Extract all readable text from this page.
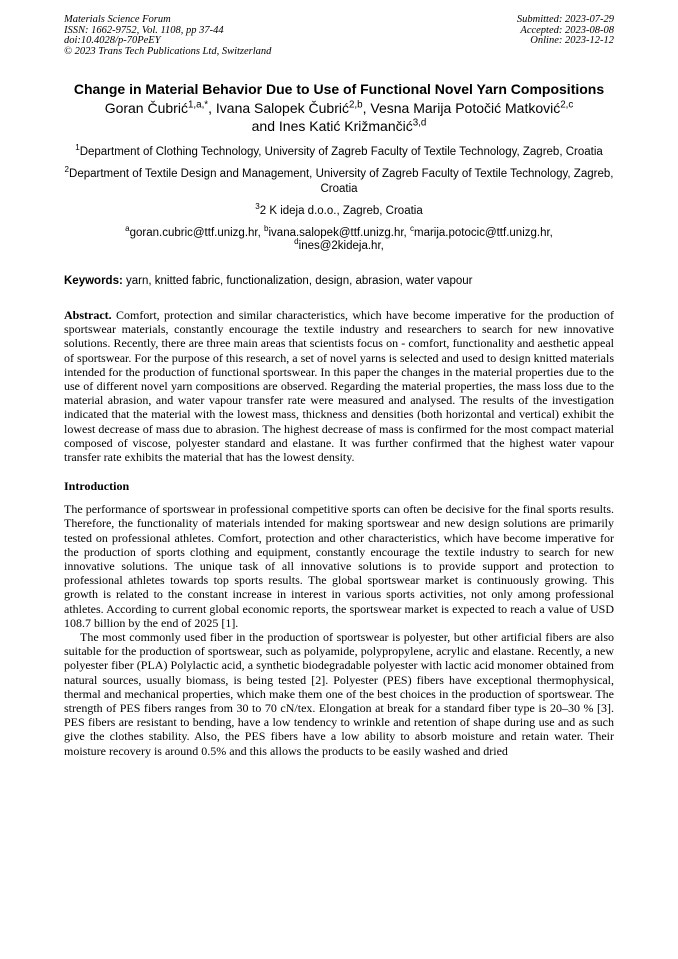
Materials Science Forum
ISSN: 1662-9752, Vol. 1108, pp 37-44
doi:10.4028/p-70PeEY
© 2023 Trans Tech Publications Ltd, Switzerland
Submitted: 2023-07-29
Accepted: 2023-08-08
Online: 2023-12-12
Change in Material Behavior Due to Use of Functional Novel Yarn Compositions
Goran Čubrić$^{1,a,*}$, Ivana Salopek Čubrić$^{2,b}$, Vesna Marija Potočić Matković$^{2,c}$
and Ines Katić Križmančić$^{3,d}$
$^1$Department of Clothing Technology, University of Zagreb Faculty of Textile Technology, Zagreb, Croatia
$^2$Department of Textile Design and Management, University of Zagreb Faculty of Textile Technology, Zagreb, Croatia
$^3$2 K ideja d.o.o., Zagreb, Croatia
$^a$goran.cubric@ttf.unizg.hr, $^b$ivana.salopek@ttf.unizg.hr, $^c$marija.potocic@ttf.unizg.hr,
$^d$ines@2kideja.hr,
Keywords: yarn, knitted fabric, functionalization, design, abrasion, water vapour
Abstract. Comfort, protection and similar characteristics, which have become imperative for the production of sportswear materials, constantly encourage the textile industry and researchers to search for new innovative solutions. Recently, there are three main areas that scientists focus on - comfort, functionality and aesthetic appeal of sportswear. For the purpose of this research, a set of novel yarns is selected and used to design knitted materials intended for the production of functional sportswear. In this paper the changes in the material properties due to the use of different novel yarn compositions are observed. Regarding the material properties, the mass loss due to the material abrasion, and water vapour transfer rate were measured and analysed. The results of the investigation indicated that the material with the lowest mass, thickness and densities (both horizontal and vertical) exhibit the lowest decrease of mass due to abrasion. The highest decrease of mass is confirmed for the most compact material composed of viscose, polyester standard and elastane. It was further confirmed that the highest water vapour transfer rate exhibits the material that has the lowest density.
Introduction

The performance of sportswear in professional competitive sports can often be decisive for the final sports results. Therefore, the functionality of materials intended for making sportswear and new design solutions are primarily tested on professional athletes. Comfort, protection and other characteristics, which have become imperative for the production of sports clothing and equipment, constantly encourage the textile industry to search for new innovative solutions. The unique task of all innovative solutions is to provide support and protection to professional athletes towards top sports results. The global sportswear market is continuously growing. This growth is related to the constant increase in interest in various sports activities, not only among professional athletes. According to current global economic reports, the sportswear market is expected to reach a value of USD 108.7 billion by the end of 2025 [1].

The most commonly used fiber in the production of sportswear is polyester, but other artificial fibers are also suitable for the production of sportswear, such as polyamide, polypropylene, acrylic and elastane. Recently, a new polyester fiber (PLA) Polylactic acid, a synthetic biodegradable polyester with lactic acid monomer obtained from natural sources, usually biomass, is being tested [2]. Polyester (PES) fibers have exceptional thermophysical, thermal and mechanical properties, which make them one of the best choices in the production of sportswear. The strength of PES fibers ranges from 30 to 70 cN/tex. Elongation at break for a standard fiber type is 20–30 % [3]. PES fibers are resistant to bending, have a low tendency to wrinkle and retention of shape during use and as such give the clothes stability. Also, the PES fibers have a low ability to absorb moisture and retain water. Their moisture recovery is around 0.5% and this allows the products to be easily washed and dried
